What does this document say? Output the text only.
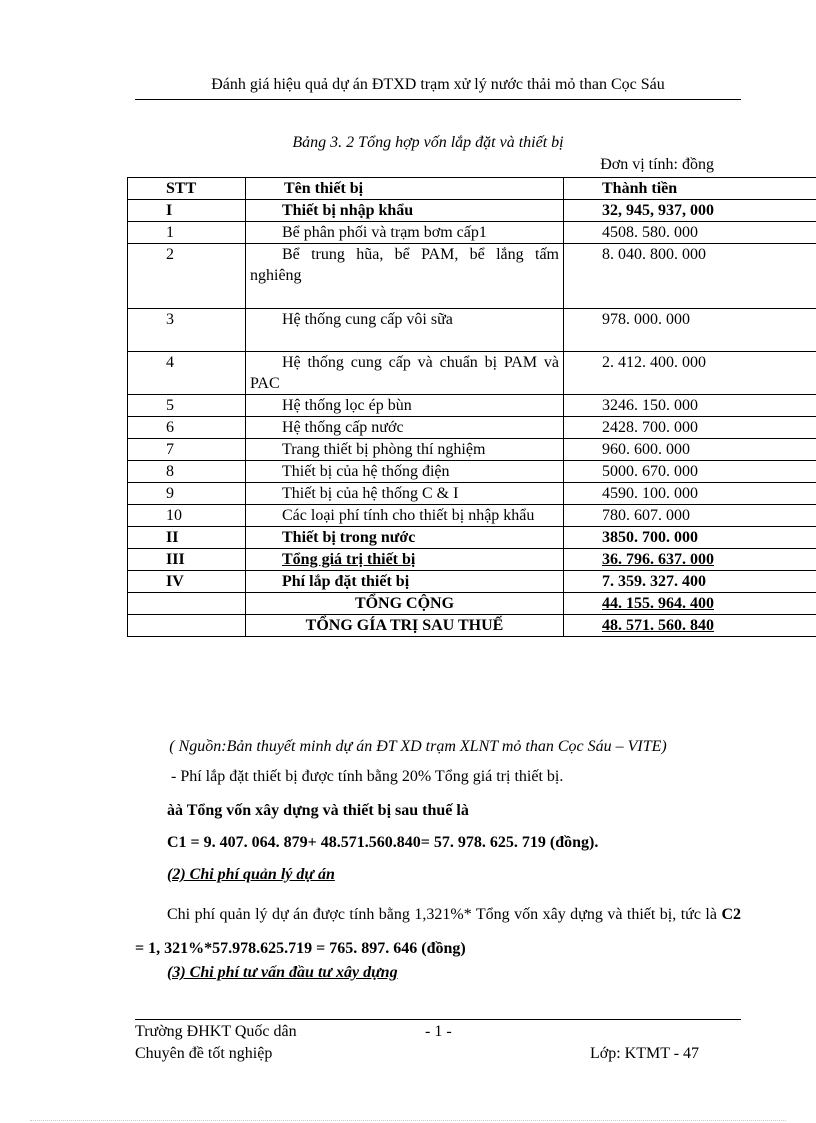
Đánh giá hiệu quả dự án ĐTXD trạm xử lý nước thải mỏ than Cọc Sáu
Bảng 3. 2 Tổng hợp vốn lắp đặt và thiết bị
Đơn vị tính: đồng
STT	Tên thiết bị	Thành tiền
I	Thiết bị nhập khẩu	32, 945, 937, 000
1	Bể phân phối và trạm bơm cấp1	4508. 580. 000
2	Bể trung hũa, bể PAM, bể lắng tấm nghiêng	8. 040. 800. 000
3	Hệ thống cung cấp vôi sữa	978. 000. 000
4	Hệ thống cung cấp và chuẩn bị PAM và PAC	2. 412. 400. 000
5	Hệ thống lọc ép bùn	3246. 150. 000
6	Hệ thống cấp nước	2428. 700. 000
7	Trang thiết bị phòng thí nghiệm	960. 600. 000
8	Thiết bị của hệ thống điện	5000. 670. 000
9	Thiết bị của hệ thống C & I	4590. 100. 000
10	Các loại phí tính cho thiết bị nhập khẩu	780. 607. 000
II	Thiết bị trong nước	3850. 700. 000
III	Tổng giá trị thiết bị	36. 796. 637. 000
IV	Phí lắp đặt thiết bị	7. 359. 327. 400
	TỔNG CỘNG	44. 155. 964. 400
	TỔNG GÍA TRỊ SAU THUẾ	48. 571. 560. 840
( Nguồn:Bản thuyết minh dự án ĐT XD trạm XLNT mỏ than Cọc Sáu – VITE)
- Phí lắp đặt thiết bị được tính bằng 20% Tổng giá trị thiết bị.
àà Tổng vốn xây dựng và thiết bị sau thuế là
C1 = 9. 407. 064. 879+ 48.571.560.840= 57. 978. 625. 719 (đồng).
(2) Chi phí quản lý dự án
Chi phí quản lý dự án được tính bằng 1,321%* Tổng vốn xây dựng và thiết bị, tức là C2 = 1, 321%*57.978.625.719 = 765. 897. 646 (đồng)
(3) Chi phí tư vấn đầu tư xây dựng
Trường ĐHKT Quốc dân	- 1 -
Chuyên đề tốt nghiệp	Lớp: KTMT - 47
